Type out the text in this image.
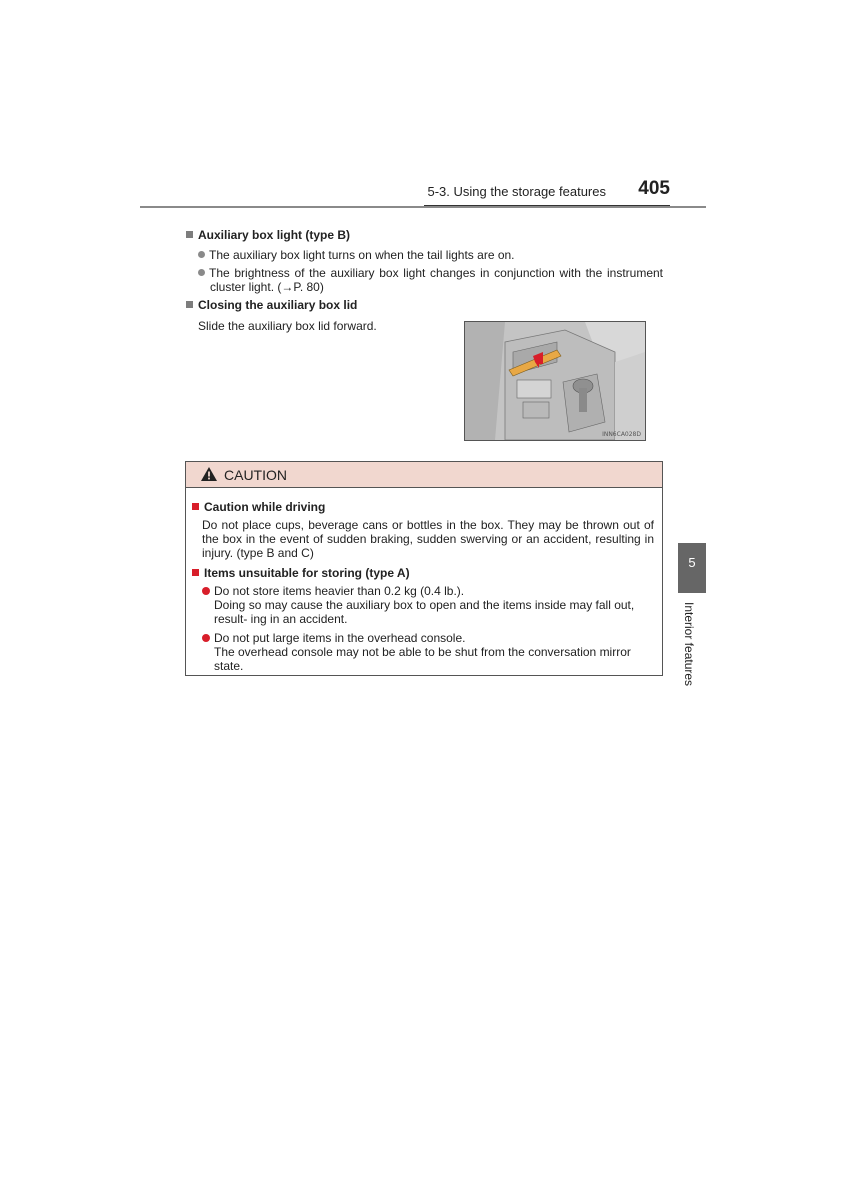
5-3. Using the storage features	405
Auxiliary box light (type B)
The auxiliary box light turns on when the tail lights are on.
The brightness of the auxiliary box light changes in conjunction with the instrument cluster light. (→P. 80)
Closing the auxiliary box lid
Slide the auxiliary box lid forward.
INN6CA028D
CAUTION
Caution while driving
Do not place cups, beverage cans or bottles in the box. They may be thrown out of the box in the event of sudden braking, sudden swerving or an accident, resulting in injury. (type B and C)
Items unsuitable for storing (type A)
Do not store items heavier than 0.2 kg (0.4 lb.).
Doing so may cause the auxiliary box to open and the items inside may fall out, result- ing in an accident.
Do not put large items in the overhead console.
The overhead console may not be able to be shut from the conversation mirror state.
5
Interior features
